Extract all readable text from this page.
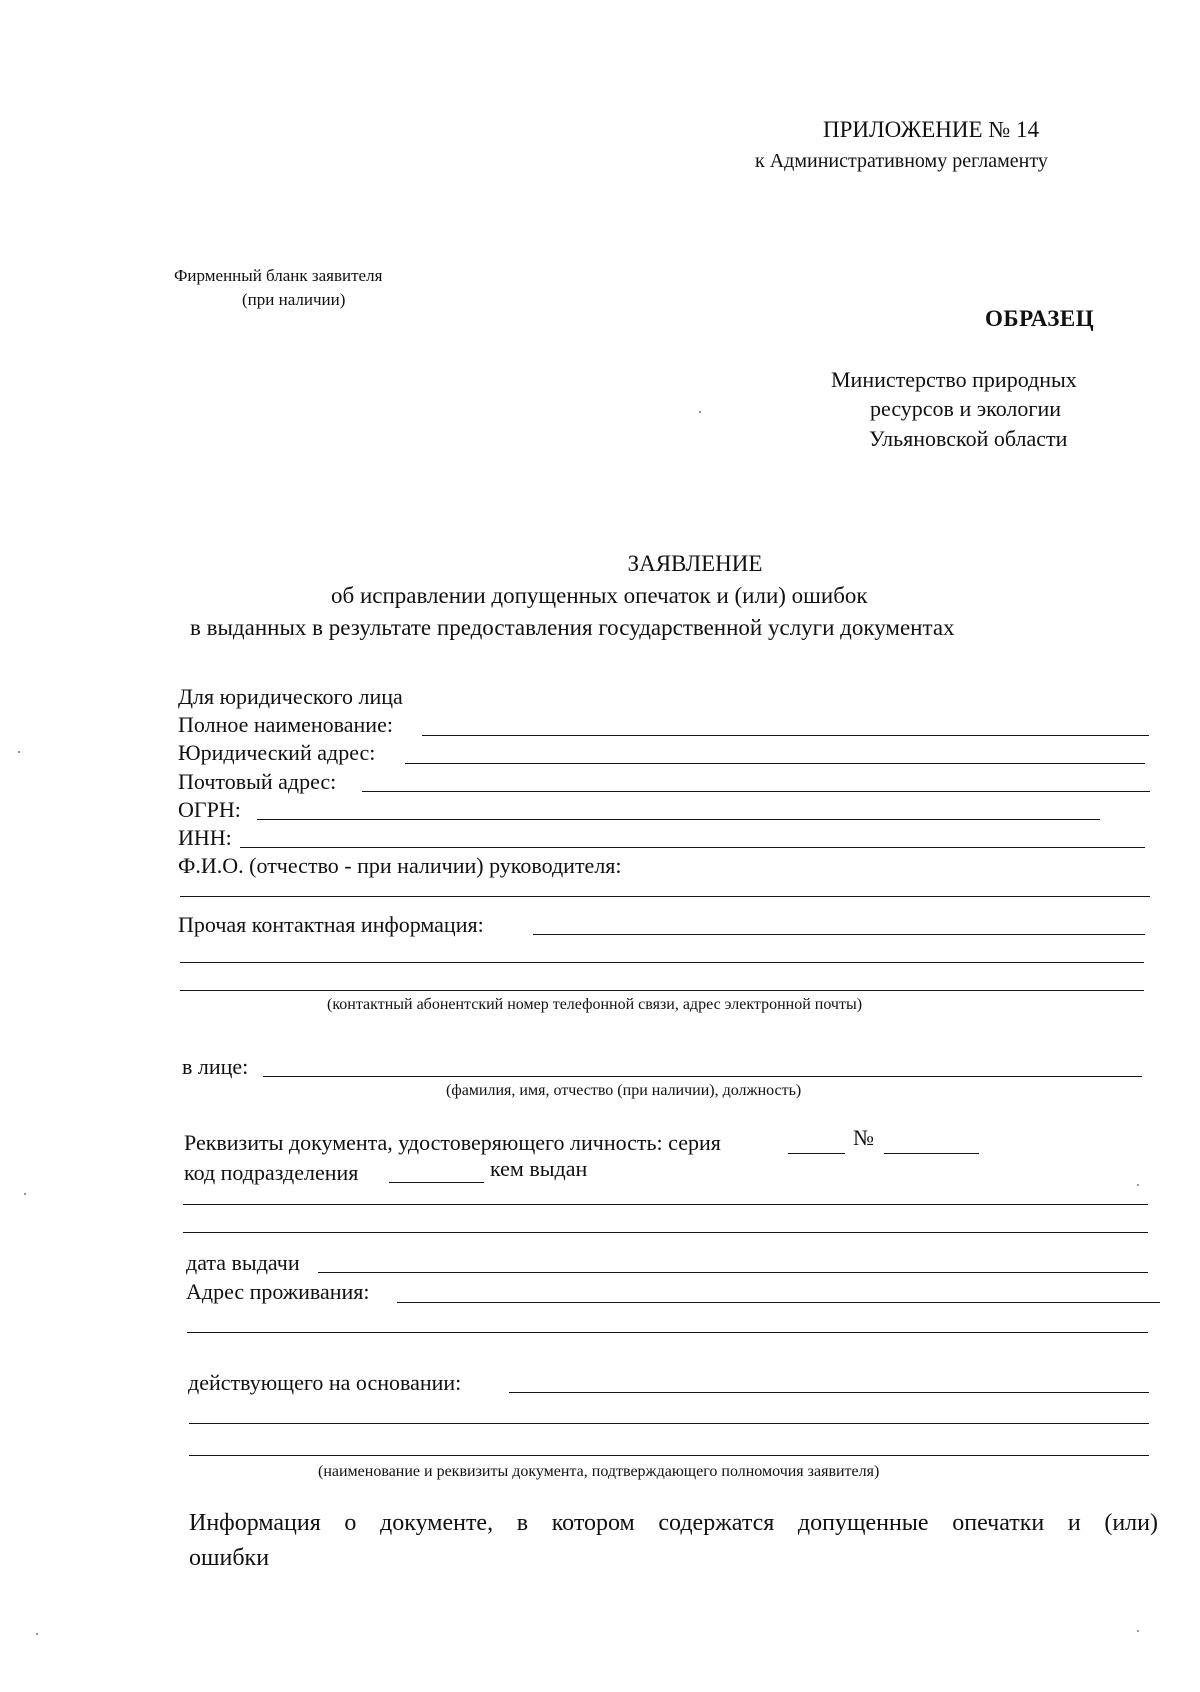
ПРИЛОЖЕНИЕ № 14
к Административному регламенту
Фирменный бланк заявителя
(при наличии)
ОБРАЗЕЦ
Министерство природных
ресурсов и экологии
Ульяновской области
ЗАЯВЛЕНИЕ
об исправлении допущенных опечаток и (или) ошибок
в выданных в результате предоставления государственной услуги документах
Для юридического лица
Полное наименование:
Юридический адрес:
Почтовый адрес:
ОГРН:
ИНН:
Ф.И.О. (отчество - при наличии) руководителя:
Прочая контактная информация:
(контактный абонентский номер телефонной связи, адрес электронной почты)
в лице:
(фамилия, имя, отчество (при наличии), должность)
Реквизиты документа, удостоверяющего личность: серия	№
код подразделения	кем выдан
дата выдачи
Адрес проживания:
действующего на основании:
(наименование и реквизиты документа, подтверждающего полномочия заявителя)
Информация о документе, в котором содержатся допущенные опечатки и (или)
ошибки
